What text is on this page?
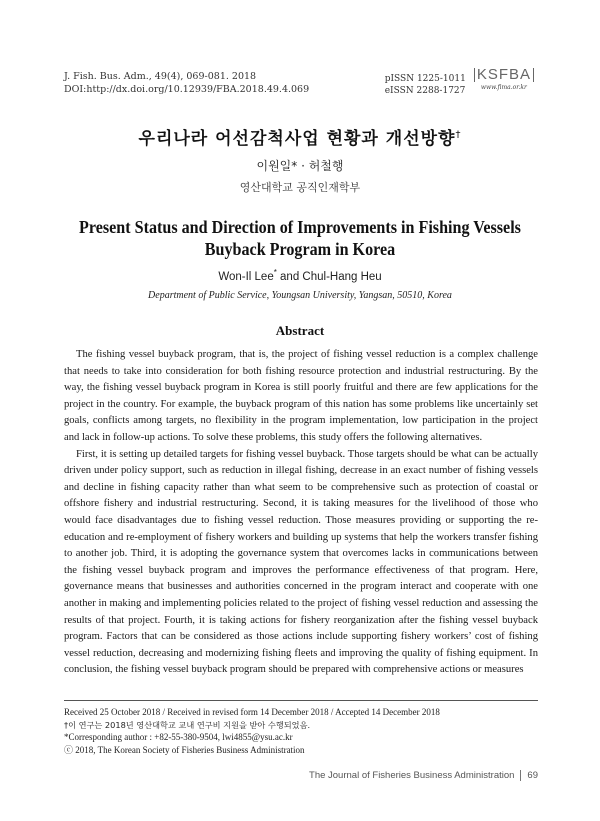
J. Fish. Bus. Adm., 49(4), 069-081. 2018
DOI:http://dx.doi.org/10.12939/FBA.2018.49.4.069
pISSN 1225-1011
eISSN 2288-1727
KSFBA
www.fima.or.kr
우리나라 어선감척사업 현황과 개선방향†
이원일* · 허철행
영산대학교 공직인재학부
Present Status and Direction of Improvements in Fishing Vessels
Buyback Program in Korea
Won-Il Lee* and Chul-Hang Heu
Department of Public Service, Youngsan University, Yangsan, 50510, Korea
Abstract

The fishing vessel buyback program, that is, the project of fishing vessel reduction is a complex challenge that needs to take into consideration for both fishing resource protection and industrial restructuring. By the way, the fishing vessel buyback program in Korea is still poorly fruitful and there are few applications for the project in the country. For example, the buyback program of this nation has some problems like uncertainly set goals, conflicts among targets, no flexibility in the program implementation, low participation in the project and lack in follow-up actions. To solve these problems, this study offers the following alternatives.

First, it is setting up detailed targets for fishing vessel buyback. Those targets should be what can be actually driven under policy support, such as reduction in illegal fishing, decrease in an exact number of fishing vessels and decline in fishing capacity rather than what seem to be comprehensive such as protection of coastal or offshore fishery and industrial restructuring. Second, it is taking measures for the livelihood of those who would face disadvantages due to fishing vessel reduction. Those measures providing or supporting the re-education and re-employment of fishery workers and building up systems that help the workers transfer fishing to another job. Third, it is adopting the governance system that overcomes lacks in communications between the fishing vessel buyback program and improves the performance effectiveness of that program. Here, governance means that businesses and authorities concerned in the program interact and cooperate with one another in making and implementing policies related to the project of fishing vessel reduction and assessing the results of that project. Fourth, it is taking actions for fishery reorganization after the fishing vessel buyback program. Factors that can be considered as those actions include supporting fishery workers’ cost of fishing vessel reduction, decreasing and modernizing fishing fleets and improving the quality of fishing equipment. In conclusion, the fishing vessel buyback program should be prepared with comprehensive actions or measures

Received 25 October 2018 / Received in revised form 14 December 2018 / Accepted 14 December 2018
†이 연구는 2018년 영산대학교 교내 연구비 지원을 받아 수행되었음.
*Corresponding author : +82-55-380-9504, lwi4855@ysu.ac.kr
ⓒ 2018, The Korean Society of Fisheries Business Administration
The Journal of Fisheries Business Administration 69
